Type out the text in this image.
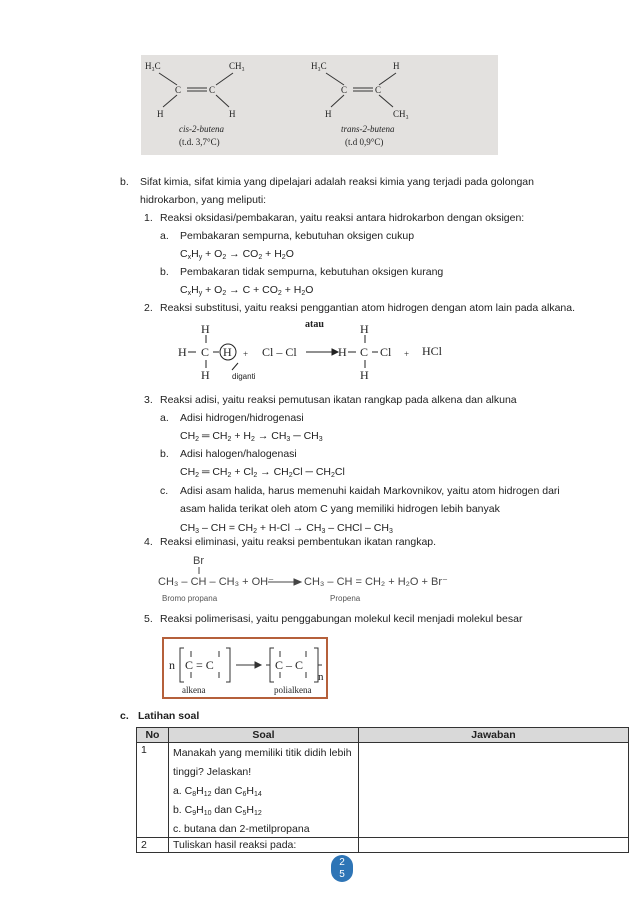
H₃C	CH₃
C	C
H	H
cis-2-butena
(t.d. 3,7°C)
H₃C	H
C	C
H	CH₃
trans-2-butena
(t.d 0,9°C)
b. Sifat kimia, sifat kimia yang dipelajari adalah reaksi kimia yang terjadi pada golongan
hidrokarbon, yang meliputi:
1. Reaksi oksidasi/pembakaran, yaitu reaksi antara hidrokarbon dengan oksigen:
a. Pembakaran sempurna, kebutuhan oksigen cukup
$C_xH_y + O_2 \to CO_2 + H_2O$
b. Pembakaran tidak sempurna, kebutuhan oksigen kurang
$C_xH_y + O_2 \to C + CO_2 + H_2O$
2. Reaksi substitusi, yaitu reaksi penggantian atom hidrogen dengan atom lain pada alkana.
atau
H
H C H
H
+ Cl – Cl
H
H C Cl
H
+ HCl
diganti
3. Reaksi adisi, yaitu reaksi pemutusan ikatan rangkap pada alkena dan alkuna
a. Adisi hidrogen/hidrogenasi
$CH_2$ ═ $CH_2 + H_2 \to CH_3$ ─ $CH_3$
b. Adisi halogen/halogenasi
$CH_2$ ═ $CH_2 + Cl_2 \to CH_2Cl$ ─ $CH_2Cl$
c. Adisi asam halida, harus memenuhi kaidah Markovnikov, yaitu atom hidrogen dari
asam halida terikat oleh atom C yang memiliki hidrogen lebih banyak
$CH_3$ – CH = $CH_2 + H-Cl \to CH_3$ – CHCl – $CH_3$
4. Reaksi eliminasi, yaitu reaksi pembentukan ikatan rangkap.
Br
CH₃ – CH – CH₃ + OH⁻	CH₃ – CH = CH₂ + H₂O + Br⁻
Bromo propana	Propena
5. Reaksi polimerisasi, yaitu penggabungan molekul kecil menjadi molekul besar
n C = C	C – C
n
alkena	polialkena
c. Latihan soal
No	Soal	Jawaban
1	Manakah yang memiliki titik didih lebih
tinggi? Jelaskan!
a. $C_8H_{12}$ dan $C_6H_{14}$
b. $C_9H_{10}$ dan $C_5H_{12}$
c. butana dan 2-metilpropana	

2	Tuliskan hasil reaksi pada:	
2
5
